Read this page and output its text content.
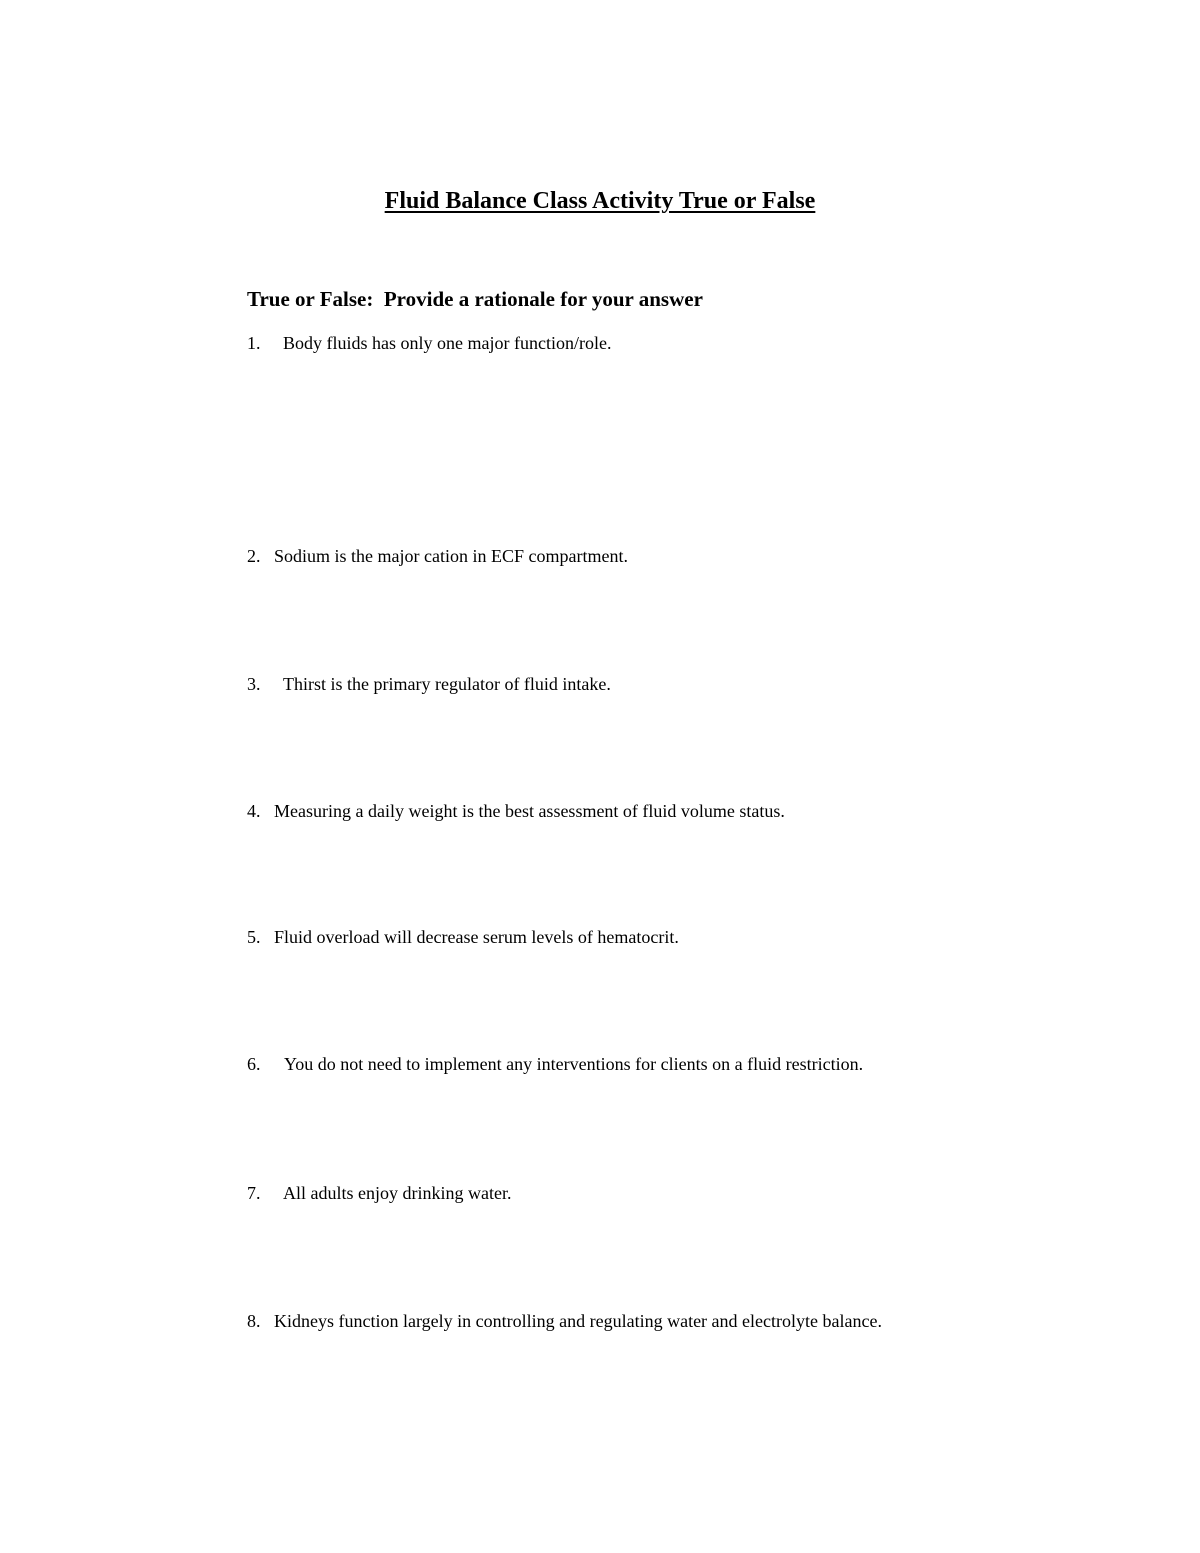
Fluid Balance Class Activity True or False
True or False:  Provide a rationale for your answer
1. Body fluids has only one major function/role.
2. Sodium is the major cation in ECF compartment.
3. Thirst is the primary regulator of fluid intake.
4. Measuring a daily weight is the best assessment of fluid volume status.
5. Fluid overload will decrease serum levels of hematocrit.
6. You do not need to implement any interventions for clients on a fluid restriction.
7. All adults enjoy drinking water.
8. Kidneys function largely in controlling and regulating water and electrolyte balance.
